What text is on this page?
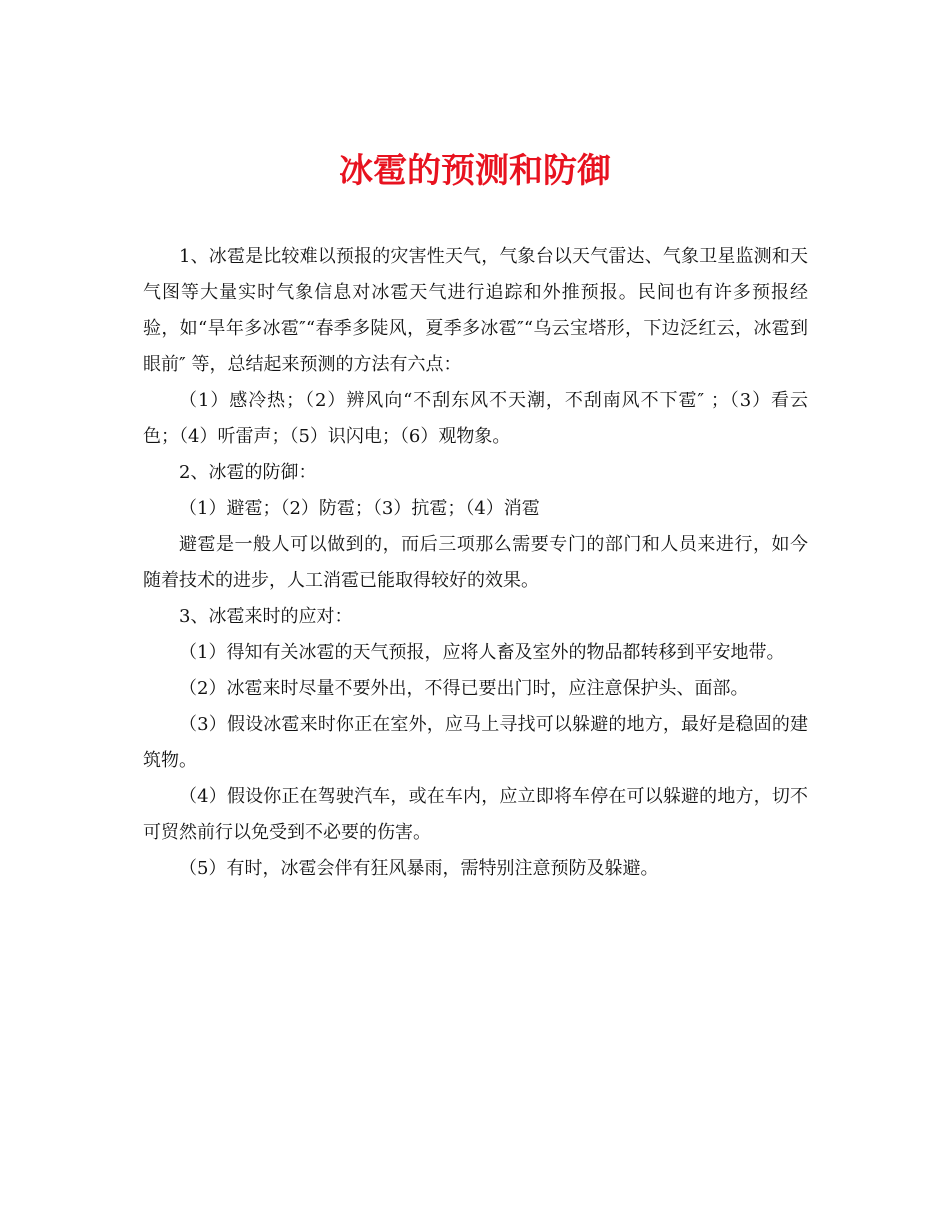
冰雹的预测和防御

1、冰雹是比较难以预报的灾害性天气，气象台以天气雷达、气象卫星监测和天气图等大量实时气象信息对冰雹天气进行追踪和外推预报。民间也有许多预报经验，如“旱年多冰雹″“春季多陡风，夏季多冰雹″“乌云宝塔形，下边泛红云，冰雹到眼前″ 等，总结起来预测的方法有六点：

（1）感冷热；（2）辨风向“不刮东风不天潮，不刮南风不下雹″ ；（3）看云色；（4）听雷声；（5）识闪电；（6）观物象。

2、冰雹的防御：

（1）避雹；（2）防雹；（3）抗雹；（4）消雹

避雹是一般人可以做到的，而后三项那么需要专门的部门和人员来进行，如今随着技术的进步，人工消雹已能取得较好的效果。

3、冰雹来时的应对：

（1）得知有关冰雹的天气预报，应将人畜及室外的物品都转移到平安地带。

（2）冰雹来时尽量不要外出，不得已要出门时，应注意保护头、面部。

（3）假设冰雹来时你正在室外，应马上寻找可以躲避的地方，最好是稳固的建筑物。

（4）假设你正在驾驶汽车，或在车内，应立即将车停在可以躲避的地方，切不可贸然前行以免受到不必要的伤害。

（5）有时，冰雹会伴有狂风暴雨，需特别注意预防及躲避。
